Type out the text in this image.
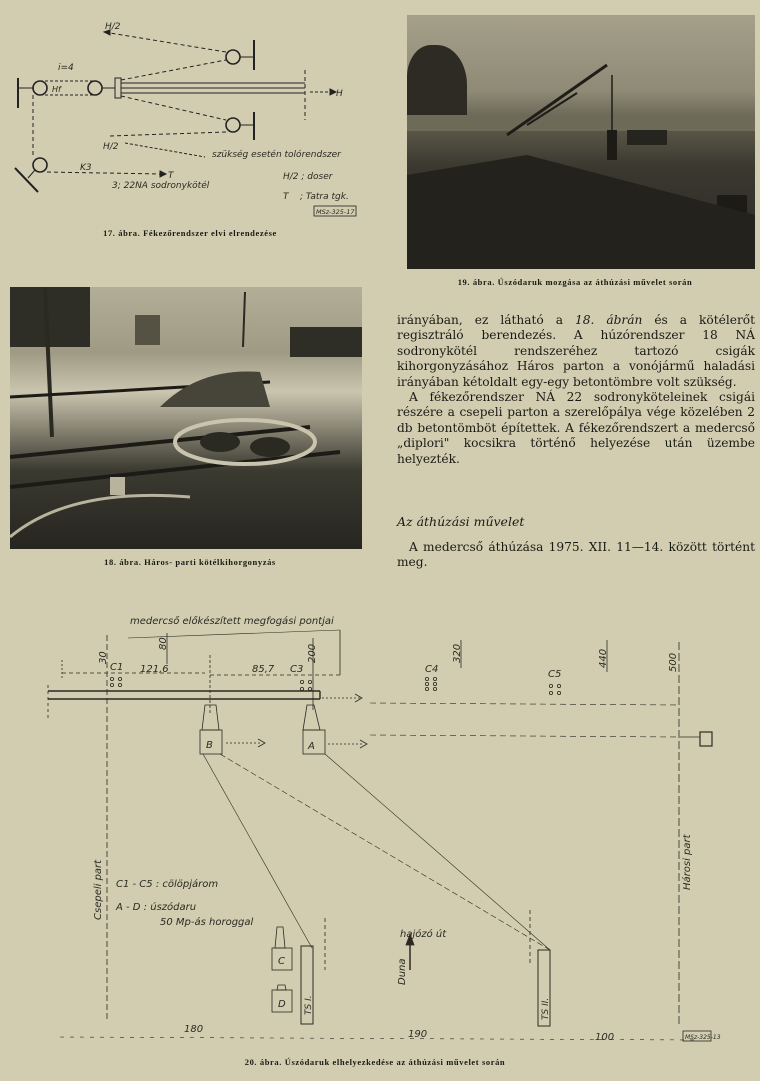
H/2
i=4
Hf	H
H/2
szükség esetén tolórendszer
K3
T
3; 22NA sodronykötél
H/2 ; doser
T    ; Tatra tgk.
MSz-325-17
17. ábra. Fékezőrendszer elvi elrendezése
19. ábra. Úszódaruk mozgása az áthúzási művelet során
18. ábra. Háros- parti kötélkihorgonyzás

irányában, ez látható a 18. ábrán és a kötélerőt regisztráló berendezés. A húzórendszer 18 NÁ sodronykötél rendszeréhez tartozó csigák kihorgonyzásához Háros parton a vonójármű haladási irányában kétoldalt egy-egy betontömbre volt szükség.

A fékezőrendszer NÁ 22 sodronyköteleinek csigái részére a csepeli parton a szerelőpálya vége közelében 2 db betontömböt építettek. A fékezőrendszert a medercső „diplori" kocsikra történő helyezése után üzembe helyezték.

Az áthúzási művelet

A medercső áthúzása 1975. XII. 11—14. között történt meg.

medercső előkészített megfogási pontjai
30
80
200	320	440	500
121,6	85,7
C1	C3	C4	C5
B	A
C
D
Csepeli part	Hárosi part
C1 - C5 : cölöpjárom
A - D : úszódaru
50 Mp-ás horoggal
hajózó út
Duna
TS I.	TS II.
180	190	100	MSz-325-13
20. ábra. Úszódaruk elhelyezkedése az áthúzási művelet során
